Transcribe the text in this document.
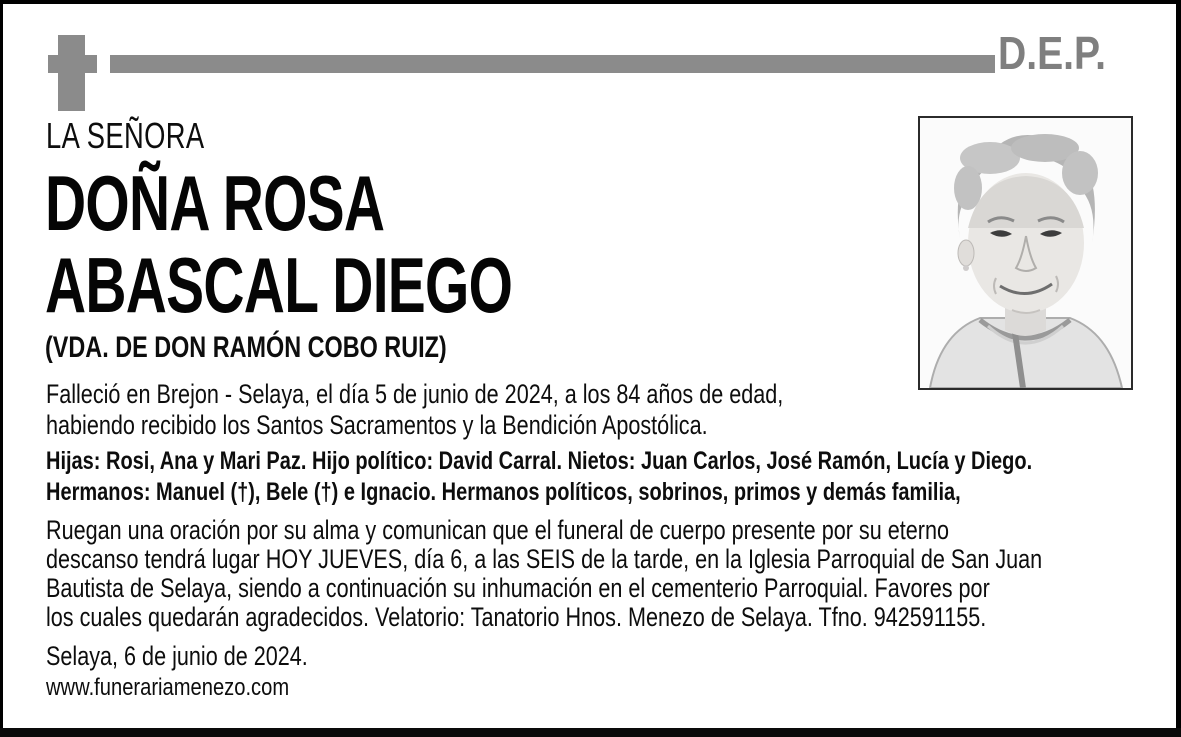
D.E.P.
LA SEÑORA
DOÑA ROSA
ABASCAL DIEGO
(VDA. DE DON RAMÓN COBO RUIZ)
Falleció en Brejon - Selaya, el día 5 de junio de 2024, a los 84 años de edad,
habiendo recibido los Santos Sacramentos y la Bendición Apostólica.
Hijas: Rosi, Ana y Mari Paz. Hijo político: David Carral. Nietos: Juan Carlos, José Ramón, Lucía y Diego.
Hermanos: Manuel (†), Bele (†) e Ignacio. Hermanos políticos, sobrinos, primos y demás familia,
Ruegan una oración por su alma y comunican que el funeral de cuerpo presente por su eterno
descanso tendrá lugar HOY JUEVES, día 6, a las SEIS de la tarde, en la Iglesia Parroquial de San Juan
Bautista de Selaya, siendo a continuación su inhumación en el cementerio Parroquial. Favores por
los cuales quedarán agradecidos. Velatorio: Tanatorio Hnos. Menezo de Selaya. Tfno. 942591155.
Selaya, 6 de junio de 2024.
www.funerariamenezo.com
